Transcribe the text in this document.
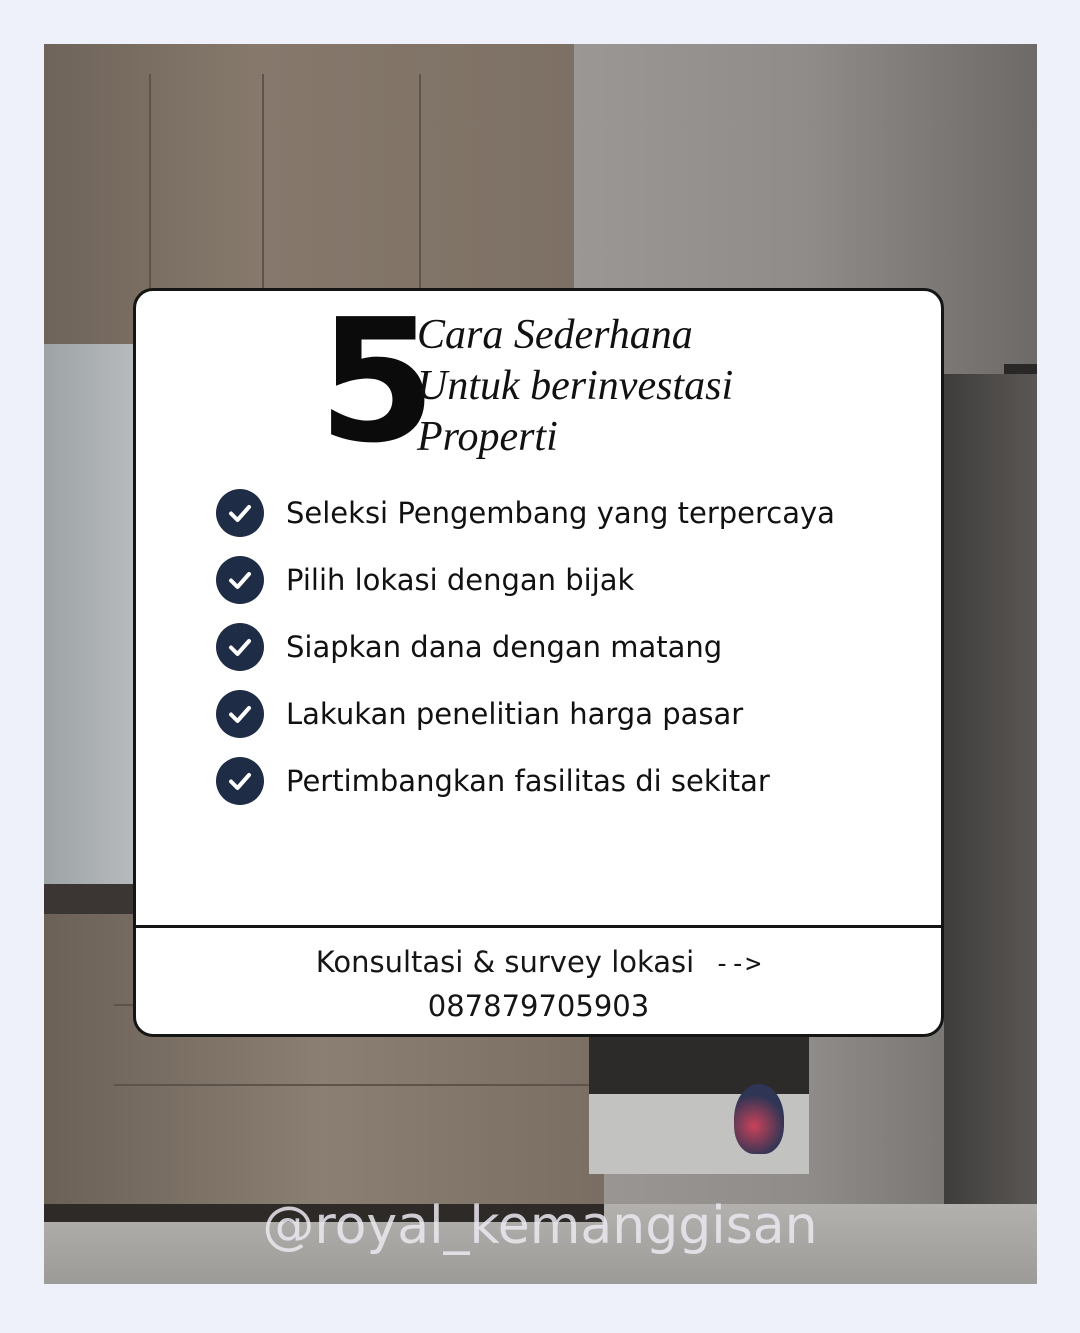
5
Cara Sederhana
Untuk berinvestasi
Properti
Seleksi Pengembang yang terpercaya
Pilih lokasi dengan bijak
Siapkan dana dengan matang
Lakukan penelitian harga pasar
Pertimbangkan fasilitas di sekitar
Konsultasi & survey lokasi -->
087879705903
@royal_kemanggisan
